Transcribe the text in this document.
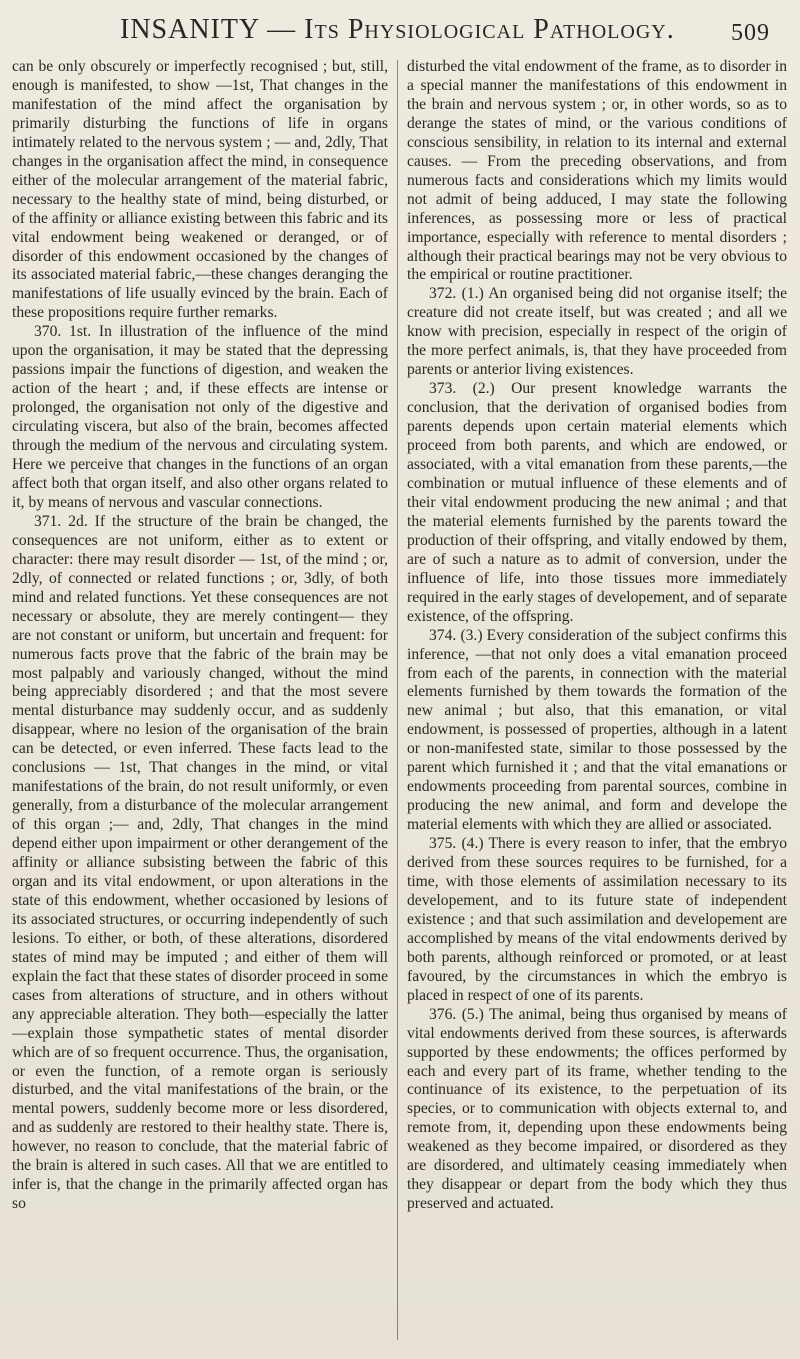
INSANITY — Its Physiological Pathology. 509

can be only obscurely or imperfectly recognised ; but, still, enough is manifested, to show —1st, That changes in the manifestation of the mind affect the organisation by primarily disturbing the functions of life in organs intimately related to the nervous system ; — and, 2dly, That changes in the organisation affect the mind, in consequence either of the molecular arrangement of the material fabric, necessary to the healthy state of mind, being disturbed, or of the affinity or alliance existing between this fabric and its vital endowment being weakened or deranged, or of disorder of this endowment occasioned by the changes of its associated material fabric,—these changes deranging the manifestations of life usually evinced by the brain. Each of these propositions require further remarks.

370. 1st. In illustration of the influence of the mind upon the organisation, it may be stated that the depressing passions impair the functions of digestion, and weaken the action of the heart ; and, if these effects are intense or prolonged, the organisation not only of the digestive and circulating viscera, but also of the brain, becomes affected through the medium of the nervous and circulating system. Here we perceive that changes in the functions of an organ affect both that organ itself, and also other organs related to it, by means of nervous and vascular connections.

371. 2d. If the structure of the brain be changed, the consequences are not uniform, either as to extent or character: there may result disorder — 1st, of the mind ; or, 2dly, of connected or related functions ; or, 3dly, of both mind and related functions. Yet these consequences are not necessary or absolute, they are merely contingent— they are not constant or uniform, but uncertain and frequent: for numerous facts prove that the fabric of the brain may be most palpably and variously changed, without the mind being appreciably disordered ; and that the most severe mental disturbance may suddenly occur, and as suddenly disappear, where no lesion of the organisation of the brain can be detected, or even inferred. These facts lead to the conclusions — 1st, That changes in the mind, or vital manifestations of the brain, do not result uniformly, or even generally, from a disturbance of the molecular arrangement of this organ ;— and, 2dly, That changes in the mind depend either upon impairment or other derangement of the affinity or alliance subsisting between the fabric of this organ and its vital endowment, or upon alterations in the state of this endowment, whether occasioned by lesions of its associated structures, or occurring independently of such lesions. To either, or both, of these alterations, disordered states of mind may be imputed ; and either of them will explain the fact that these states of disorder proceed in some cases from alterations of structure, and in others without any appreciable alteration. They both—especially the latter —explain those sympathetic states of mental disorder which are of so frequent occurrence. Thus, the organisation, or even the function, of a remote organ is seriously disturbed, and the vital manifestations of the brain, or the mental powers, suddenly become more or less disordered, and as suddenly are restored to their healthy state. There is, however, no reason to conclude, that the material fabric of the brain is altered in such cases. All that we are entitled to infer is, that the change in the primarily affected organ has so

disturbed the vital endowment of the frame, as to disorder in a special manner the manifestations of this endowment in the brain and nervous system ; or, in other words, so as to derange the states of mind, or the various conditions of conscious sensibility, in relation to its internal and external causes. — From the preceding observations, and from numerous facts and considerations which my limits would not admit of being adduced, I may state the following inferences, as possessing more or less of practical importance, especially with reference to mental disorders ; although their practical bearings may not be very obvious to the empirical or routine practitioner.

372. (1.) An organised being did not organise itself; the creature did not create itself, but was created ; and all we know with precision, especially in respect of the origin of the more perfect animals, is, that they have proceeded from parents or anterior living existences.

373. (2.) Our present knowledge warrants the conclusion, that the derivation of organised bodies from parents depends upon certain material elements which proceed from both parents, and which are endowed, or associated, with a vital emanation from these parents,—the combination or mutual influence of these elements and of their vital endowment producing the new animal ; and that the material elements furnished by the parents toward the production of their offspring, and vitally endowed by them, are of such a nature as to admit of conversion, under the influence of life, into those tissues more immediately required in the early stages of developement, and of separate existence, of the offspring.

374. (3.) Every consideration of the subject confirms this inference, —that not only does a vital emanation proceed from each of the parents, in connection with the material elements furnished by them towards the formation of the new animal ; but also, that this emanation, or vital endowment, is possessed of properties, although in a latent or non-manifested state, similar to those possessed by the parent which furnished it ; and that the vital emanations or endowments proceeding from parental sources, combine in producing the new animal, and form and develope the material elements with which they are allied or associated.

375. (4.) There is every reason to infer, that the embryo derived from these sources requires to be furnished, for a time, with those elements of assimilation necessary to its developement, and to its future state of independent existence ; and that such assimilation and developement are accomplished by means of the vital endowments derived by both parents, although reinforced or promoted, or at least favoured, by the circumstances in which the embryo is placed in respect of one of its parents.

376. (5.) The animal, being thus organised by means of vital endowments derived from these sources, is afterwards supported by these endowments; the offices performed by each and every part of its frame, whether tending to the continuance of its existence, to the perpetuation of its species, or to communication with objects external to, and remote from, it, depending upon these endowments being weakened as they become impaired, or disordered as they are disordered, and ultimately ceasing immediately when they disappear or depart from the body which they thus preserved and actuated.
